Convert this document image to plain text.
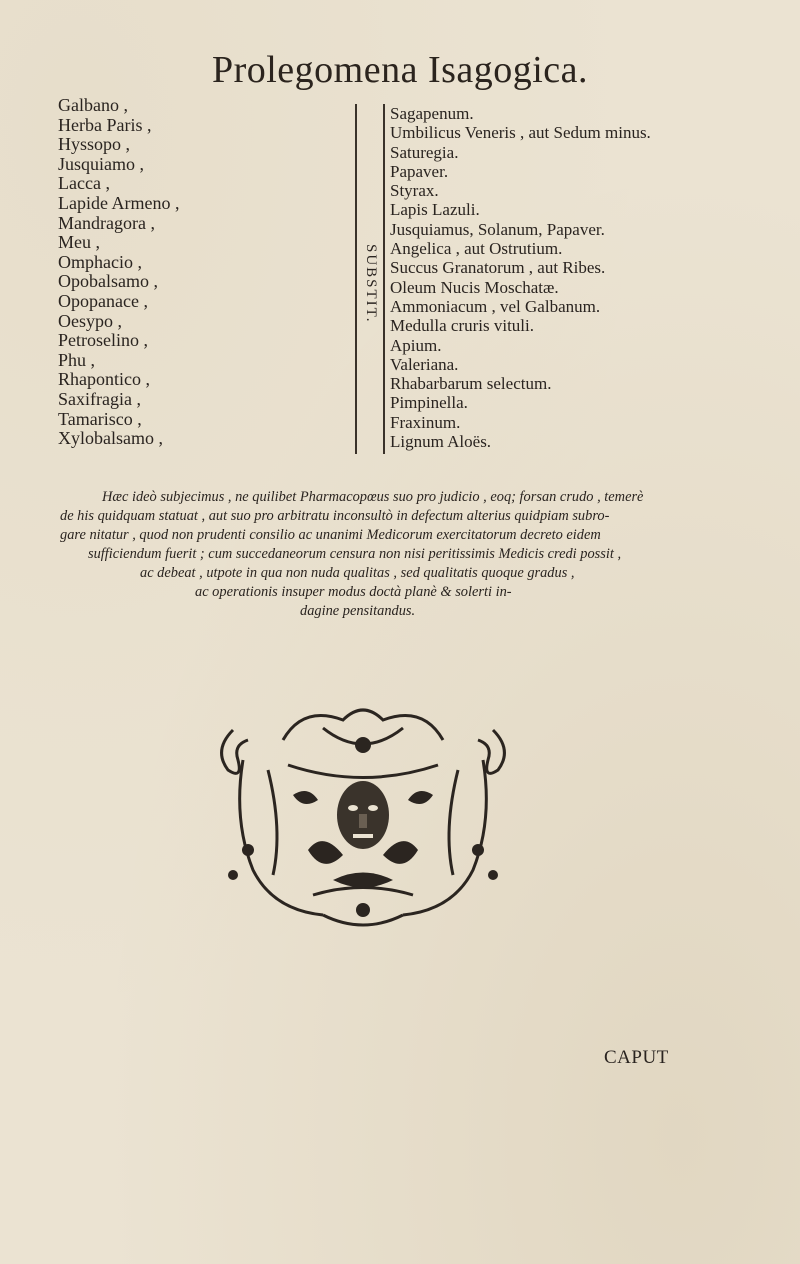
Prolegomena Isagogica.
Galbano ,
Herba Paris ,
Hyssopo ,
Jusquiamo ,
Lacca ,
Lapide Armeno ,
Mandragora ,
Meu ,
Omphacio ,
Opobalsamo ,
Opopanace ,
Oesypo ,
Petroselino ,
Phu ,
Rhapontico ,
Saxifragia ,
Tamarisco ,
Xylobalsamo ,
SUBSTIT.
Sagapenum.
Umbilicus Veneris , aut Sedum minus.
Saturegia.
Papaver.
Styrax.
Lapis Lazuli.
Jusquiamus, Solanum, Papaver.
Angelica , aut Ostrutium.
Succus Granatorum , aut Ribes.
Oleum Nucis Moschatæ.
Ammoniacum , vel Galbanum.
Medulla cruris vituli.
Apium.
Valeriana.
Rhabarbarum selectum.
Pimpinella.
Fraxinum.
Lignum Aloës.
Hæc ideò subjecimus , ne quilibet Pharmacopœus suo pro judicio , eoq; forsan crudo , temerè
de his quidquam statuat , aut suo pro arbitratu inconsultò in defectum alterius quidpiam subro-
gare nitatur , quod non prudenti consilio ac unanimi Medicorum exercitatorum decreto eidem
sufficiendum fuerit ; cum succedaneorum censura non nisi peritissimis Medicis credi possit ,
ac debeat , utpote in qua non nuda qualitas , sed qualitatis quoque gradus ,
ac operationis insuper modus doctà planè & solerti in-
dagine pensitandus.
CAPUT
